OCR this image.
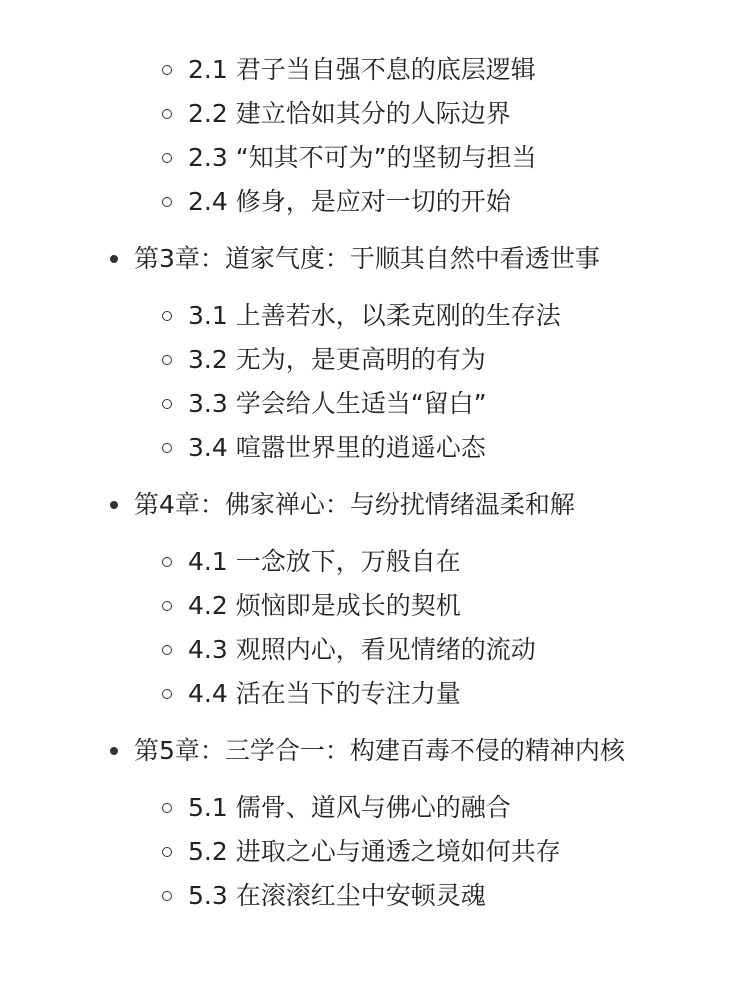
2.1 君子当自强不息的底层逻辑
2.2 建立恰如其分的人际边界
2.3 “知其不可为”的坚韧与担当
2.4 修身，是应对一切的开始
第3章：道家气度：于顺其自然中看透世事
3.1 上善若水，以柔克刚的生存法
3.2 无为，是更高明的有为
3.3 学会给人生适当“留白”
3.4 喧嚣世界里的逍遥心态
第4章：佛家禅心：与纷扰情绪温柔和解
4.1 一念放下，万般自在
4.2 烦恼即是成长的契机
4.3 观照内心，看见情绪的流动
4.4 活在当下的专注力量
第5章：三学合一：构建百毒不侵的精神内核
5.1 儒骨、道风与佛心的融合
5.2 进取之心与通透之境如何共存
5.3 在滚滚红尘中安顿灵魂
